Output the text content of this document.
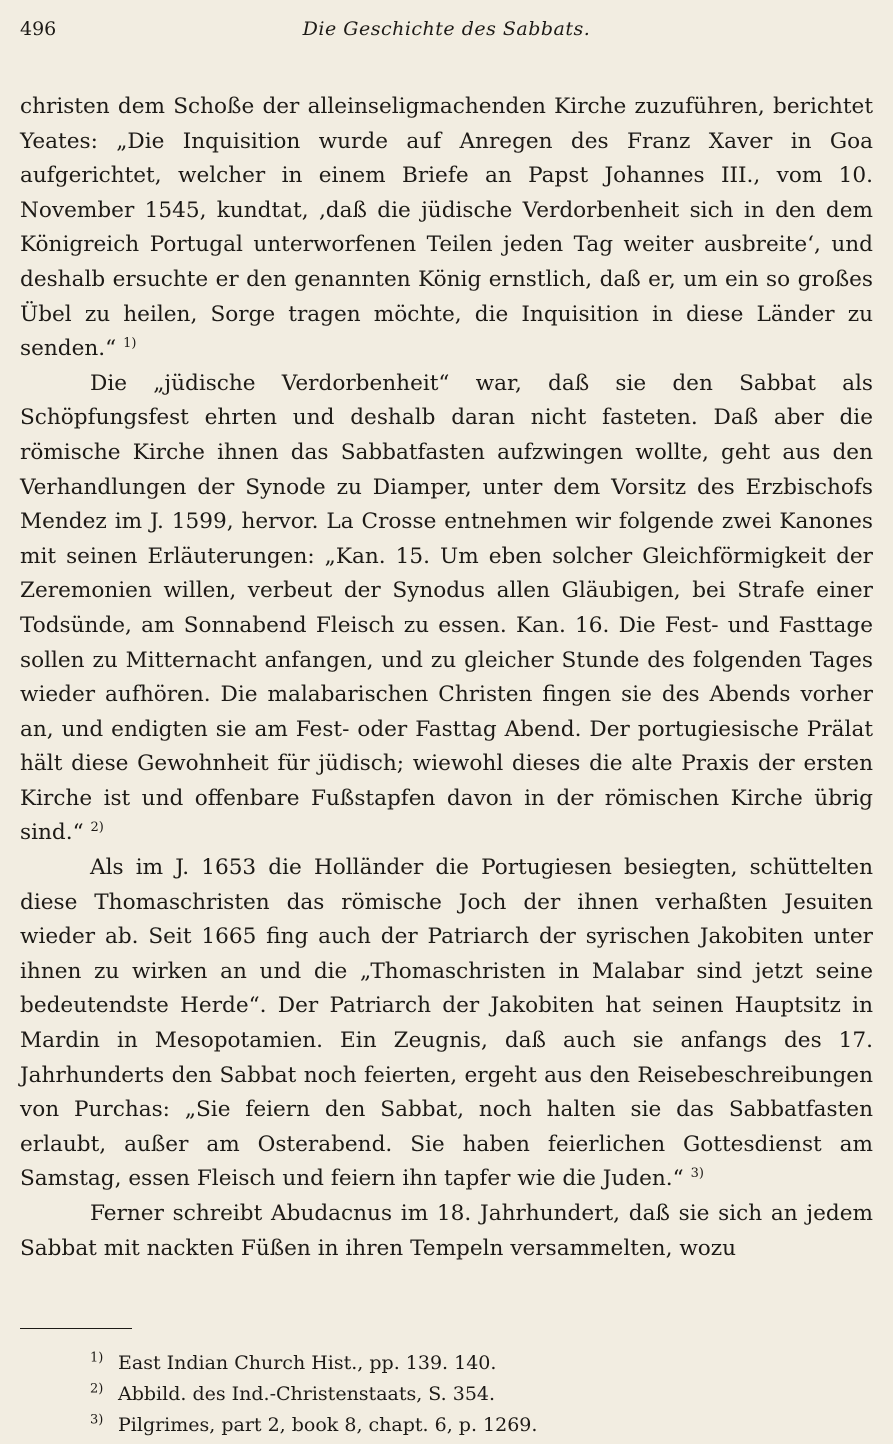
496	Die Geschichte des Sabbats.

christen dem Schoße der alleinseligmachenden Kirche zuzuführen, berichtet Yeates: „Die Inquisition wurde auf Anregen des Franz Xaver in Goa aufgerichtet, welcher in einem Briefe an Papst Johannes III., vom 10. November 1545, kundtat, ‚daß die jüdische Verdorbenheit sich in den dem Königreich Portugal unterworfenen Teilen jeden Tag weiter ausbreite‘, und deshalb ersuchte er den genannten König ernstlich, daß er, um ein so großes Übel zu heilen, Sorge tragen möchte, die Inquisition in diese Länder zu senden.“ $^{1)}$

Die „jüdische Verdorbenheit“ war, daß sie den Sabbat als Schöpfungsfest ehrten und deshalb daran nicht fasteten. Daß aber die römische Kirche ihnen das Sabbatfasten aufzwingen wollte, geht aus den Verhandlungen der Synode zu Diamper, unter dem Vorsitz des Erzbischofs Mendez im J. 1599, hervor. La Crosse entnehmen wir folgende zwei Kanones mit seinen Erläuterungen: „Kan. 15. Um eben solcher Gleichförmigkeit der Zeremonien willen, verbeut der Synodus allen Gläubigen, bei Strafe einer Todsünde, am Sonnabend Fleisch zu essen. Kan. 16. Die Fest- und Fasttage sollen zu Mitternacht anfangen, und zu gleicher Stunde des folgenden Tages wieder aufhören. Die malabarischen Christen fingen sie des Abends vorher an, und endigten sie am Fest- oder Fasttag Abend. Der portugiesische Prälat hält diese Gewohnheit für jüdisch; wiewohl dieses die alte Praxis der ersten Kirche ist und offenbare Fußstapfen davon in der römischen Kirche übrig sind.“ $^{2)}$

Als im J. 1653 die Holländer die Portugiesen besiegten, schüttelten diese Thomaschristen das römische Joch der ihnen verhaßten Jesuiten wieder ab. Seit 1665 fing auch der Patriarch der syrischen Jakobiten unter ihnen zu wirken an und die „Thomaschristen in Malabar sind jetzt seine bedeutendste Herde“. Der Patriarch der Jakobiten hat seinen Hauptsitz in Mardin in Mesopotamien. Ein Zeugnis, daß auch sie anfangs des 17. Jahrhunderts den Sabbat noch feierten, ergeht aus den Reisebeschreibungen von Purchas: „Sie feiern den Sabbat, noch halten sie das Sabbatfasten erlaubt, außer am Osterabend. Sie haben feierlichen Gottesdienst am Samstag, essen Fleisch und feiern ihn tapfer wie die Juden.“ $^{3)}$

Ferner schreibt Abudacnus im 18. Jahrhundert, daß sie sich an jedem Sabbat mit nackten Füßen in ihren Tempeln versammelten, wozu

$^{1)}$ East Indian Church Hist., pp. 139. 140.
$^{2)}$ Abbild. des Ind.-Christenstaats, S. 354.
$^{3)}$ Pilgrimes, part 2, book 8, chapt. 6, p. 1269.
